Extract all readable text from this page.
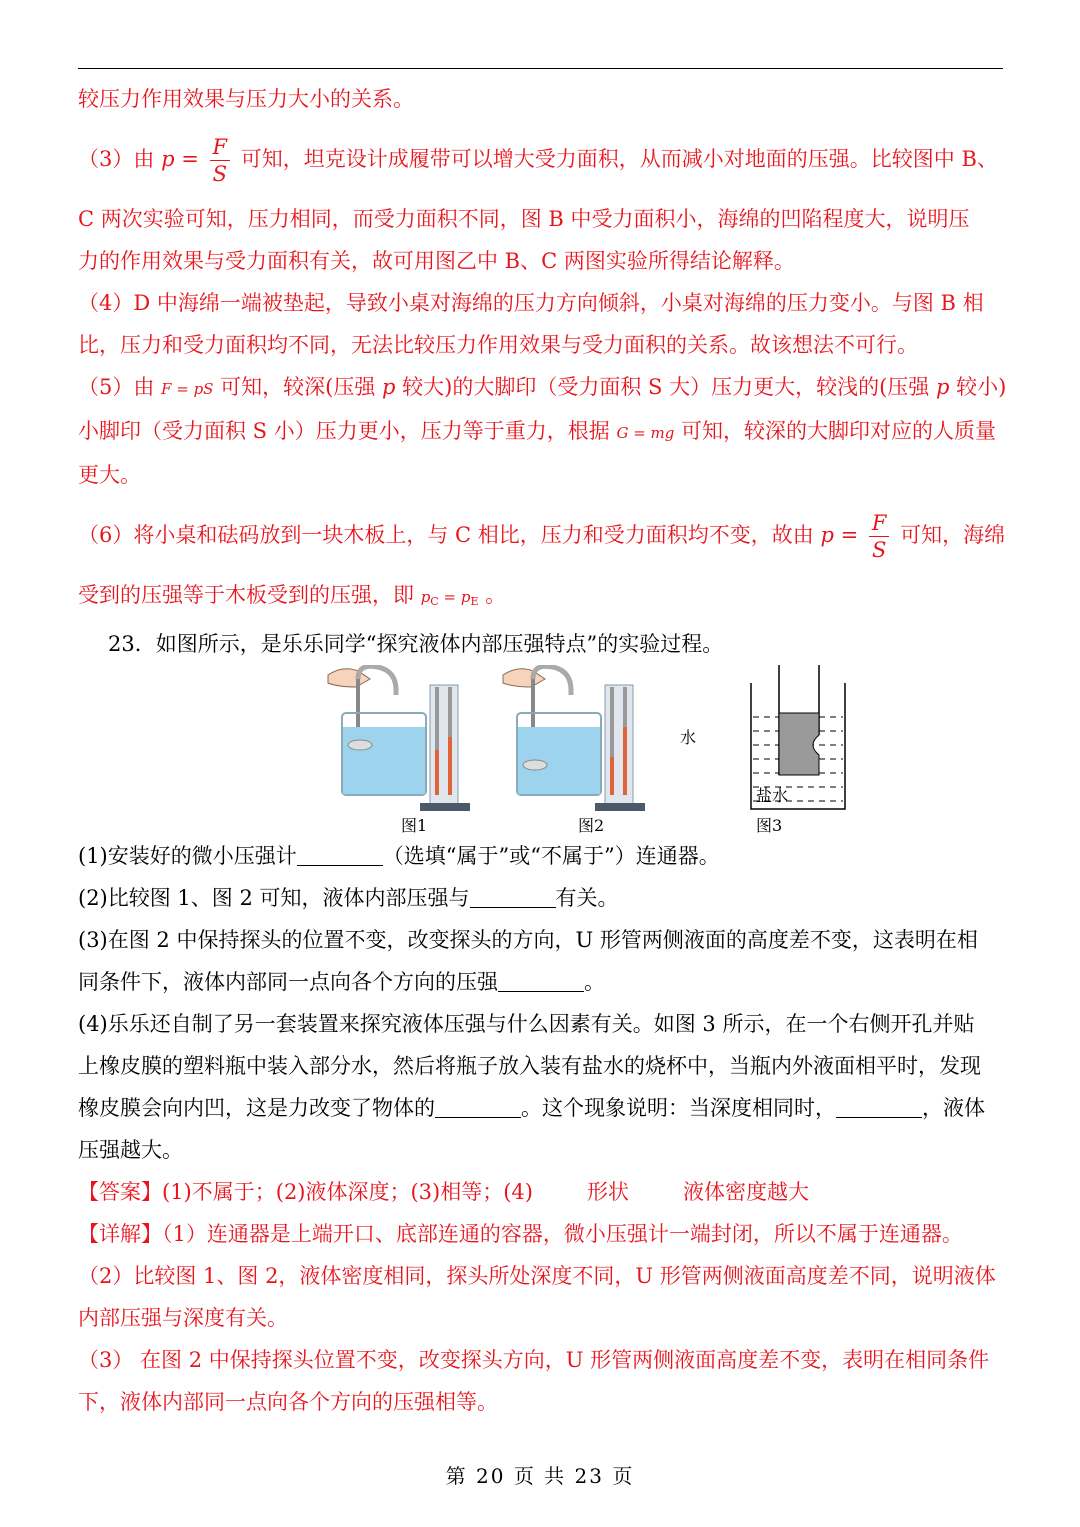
较压力作用效果与压力大小的关系。
（3）由 $p = \frac{F}{S}$ 可知，坦克设计成履带可以增大受力面积，从而减小对地面的压强。比较图中 B、
C 两次实验可知，压力相同，而受力面积不同，图 B 中受力面积小，海绵的凹陷程度大，说明压
力的作用效果与受力面积有关，故可用图乙中 B、C 两图实验所得结论解释。
（4）D 中海绵一端被垫起，导致小桌对海绵的压力方向倾斜，小桌对海绵的压力变小。与图 B 相
比，压力和受力面积均不同，无法比较压力作用效果与受力面积的关系。故该想法不可行。
（5）由 F = pS 可知，较深(压强 p 较大)的大脚印（受力面积 S 大）压力更大，较浅的(压强 p 较小)
小脚印（受力面积 S 小）压力更小，压力等于重力，根据 G = mg 可知，较深的大脚印对应的人质量
更大。
（6）将小桌和砝码放到一块木板上，与 C 相比，压力和受力面积均不变，故由 $p = \frac{F}{S}$ 可知，海绵
受到的压强等于木板受到的压强，即 $p_C = p_E$ 。
23．如图所示，是乐乐同学“探究液体内部压强特点”的实验过程。
水
盐水
图1	图2	图3
(1)安装好的微小压强计	（选填“属于”或“不属于”）连通器。
(2)比较图 1、图 2 可知，液体内部压强与	有关。
(3)在图 2 中保持探头的位置不变，改变探头的方向，U 形管两侧液面的高度差不变，这表明在相
同条件下，液体内部同一点向各个方向的压强	。
(4)乐乐还自制了另一套装置来探究液体压强与什么因素有关。如图 3 所示，在一个右侧开孔并贴
上橡皮膜的塑料瓶中装入部分水，然后将瓶子放入装有盐水的烧杯中，当瓶内外液面相平时，发现
橡皮膜会向内凹，这是力改变了物体的	。这个现象说明：当深度相同时，	，液体
压强越大。
【答案】(1)不属于；(2)液体深度；(3)相等；(4)	形状	液体密度越大
【详解】（1）连通器是上端开口、底部连通的容器，微小压强计一端封闭，所以不属于连通器。
（2）比较图 1、图 2，液体密度相同，探头所处深度不同，U 形管两侧液面高度差不同，说明液体
内部压强与深度有关。
（3） 在图 2 中保持探头位置不变，改变探头方向，U 形管两侧液面高度差不变，表明在相同条件
下，液体内部同一点向各个方向的压强相等。
第 20 页 共 23 页
